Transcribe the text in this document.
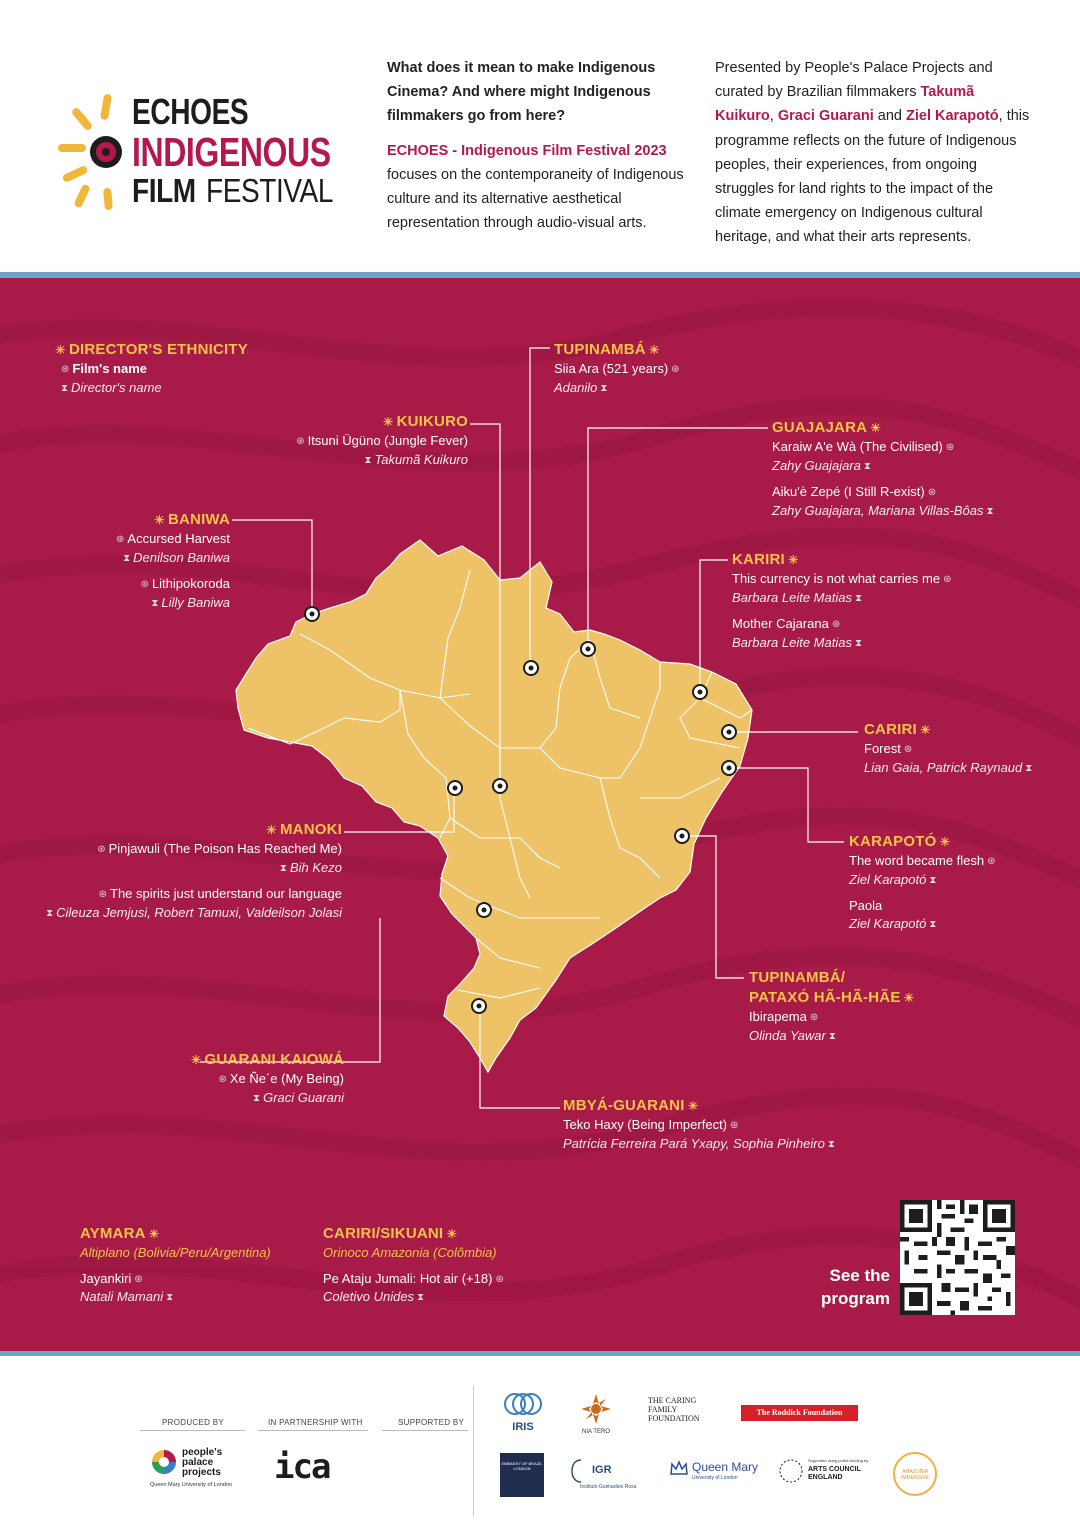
ECHOES
INDIGENOUS
FILM FESTIVAL
What does it mean to make Indigenous Cinema? And where might Indigenous filmmakers go from here?
ECHOES - Indigenous Film Festival 2023 focuses on the contemporaneity of Indigenous culture and its alternative aesthetical representation through audio-visual arts.
Presented by People's Palace Projects and curated by Brazilian filmmakers Takumã Kuikuro, Graci Guarani and Ziel Karapotó, this programme reflects on the future of Indigenous peoples, their experiences, from ongoing struggles for land rights to the impact of the climate emergency on Indigenous cultural heritage, and what their arts represents.
☀ DIRECTOR'S ETHNICITY
⊛ Film's name
⧗ Director's name
TUPINAMBÁ ☀
Siia Ara (521 years) ⊛
Adanilo ⧗
☀ KUIKURO
⊛ Itsuni Ügüno (Jungle Fever)
⧗ Takumã Kuikuro
GUAJAJARA ☀
Karaiw A'e Wà (The Civilised) ⊛
Zahy Guajajara ⧗
Aiku'è Zepé (I Still R-exist) ⊛
Zahy Guajajara, Mariana Villas-Bôas ⧗
☀ BANIWA
⊛ Accursed Harvest
⧗ Denilson Baniwa
⊛ Lithipokoroda
⧗ Lilly Baniwa
KARIRI ☀
This currency is not what carries me ⊛
Barbara Leite Matias ⧗
Mother Cajarana ⊛
Barbara Leite Matias ⧗
CARIRI ☀
Forest ⊛
Lian Gaia, Patrick Raynaud ⧗
☀ MANOKI
⊛ Pinjawuli (The Poison Has Reached Me)
⧗ Bih Kezo
⊛ The spirits just understand our language
⧗ Cileuza Jemjusi, Robert Tamuxi, Valdeilson Jolasi
KARAPOTÓ ☀
The word became flesh ⊛
Ziel Karapotó ⧗
Paola
Ziel Karapotó ⧗
TUPINAMBÁ/
PATAXÓ HÃ-HÃ-HÃE ☀
Ibirapema ⊛
Olinda Yawar ⧗
☀ GUARANI KAIOWÁ
⊛ Xe Ñe´e (My Being)
⧗ Graci Guarani	MBYÁ-GUARANI ☀
Teko Haxy (Being Imperfect) ⊛
Patrícia Ferreira Pará Yxapy, Sophia Pinheiro ⧗
AYMARA ☀
Altiplano (Bolivia/Peru/Argentina)
Jayankiri ⊛
Natali Mamani ⧗
CARIRI/SIKUANI ☀
Orinoco Amazonia (Colômbia)
Pe Ataju Jumali: Hot air (+18) ⊛
Coletivo Unides ⧗
See the
program
PRODUCED BY	IN PARTNERSHIP WITH	SUPPORTED BY
people's palace projects
Queen Mary University of London	ica
IRIS	NIA TERO
THE CARING FAMILY FOUNDATION
The Roddick Foundation
EMBASSY OF BRAZIL
LONDON	IGR
Instituto Guimarães Rosa
Queen Mary
University of London
Supported using public funding by
ARTS COUNCIL ENGLAND
AMAZONIA IMMERSIVE
